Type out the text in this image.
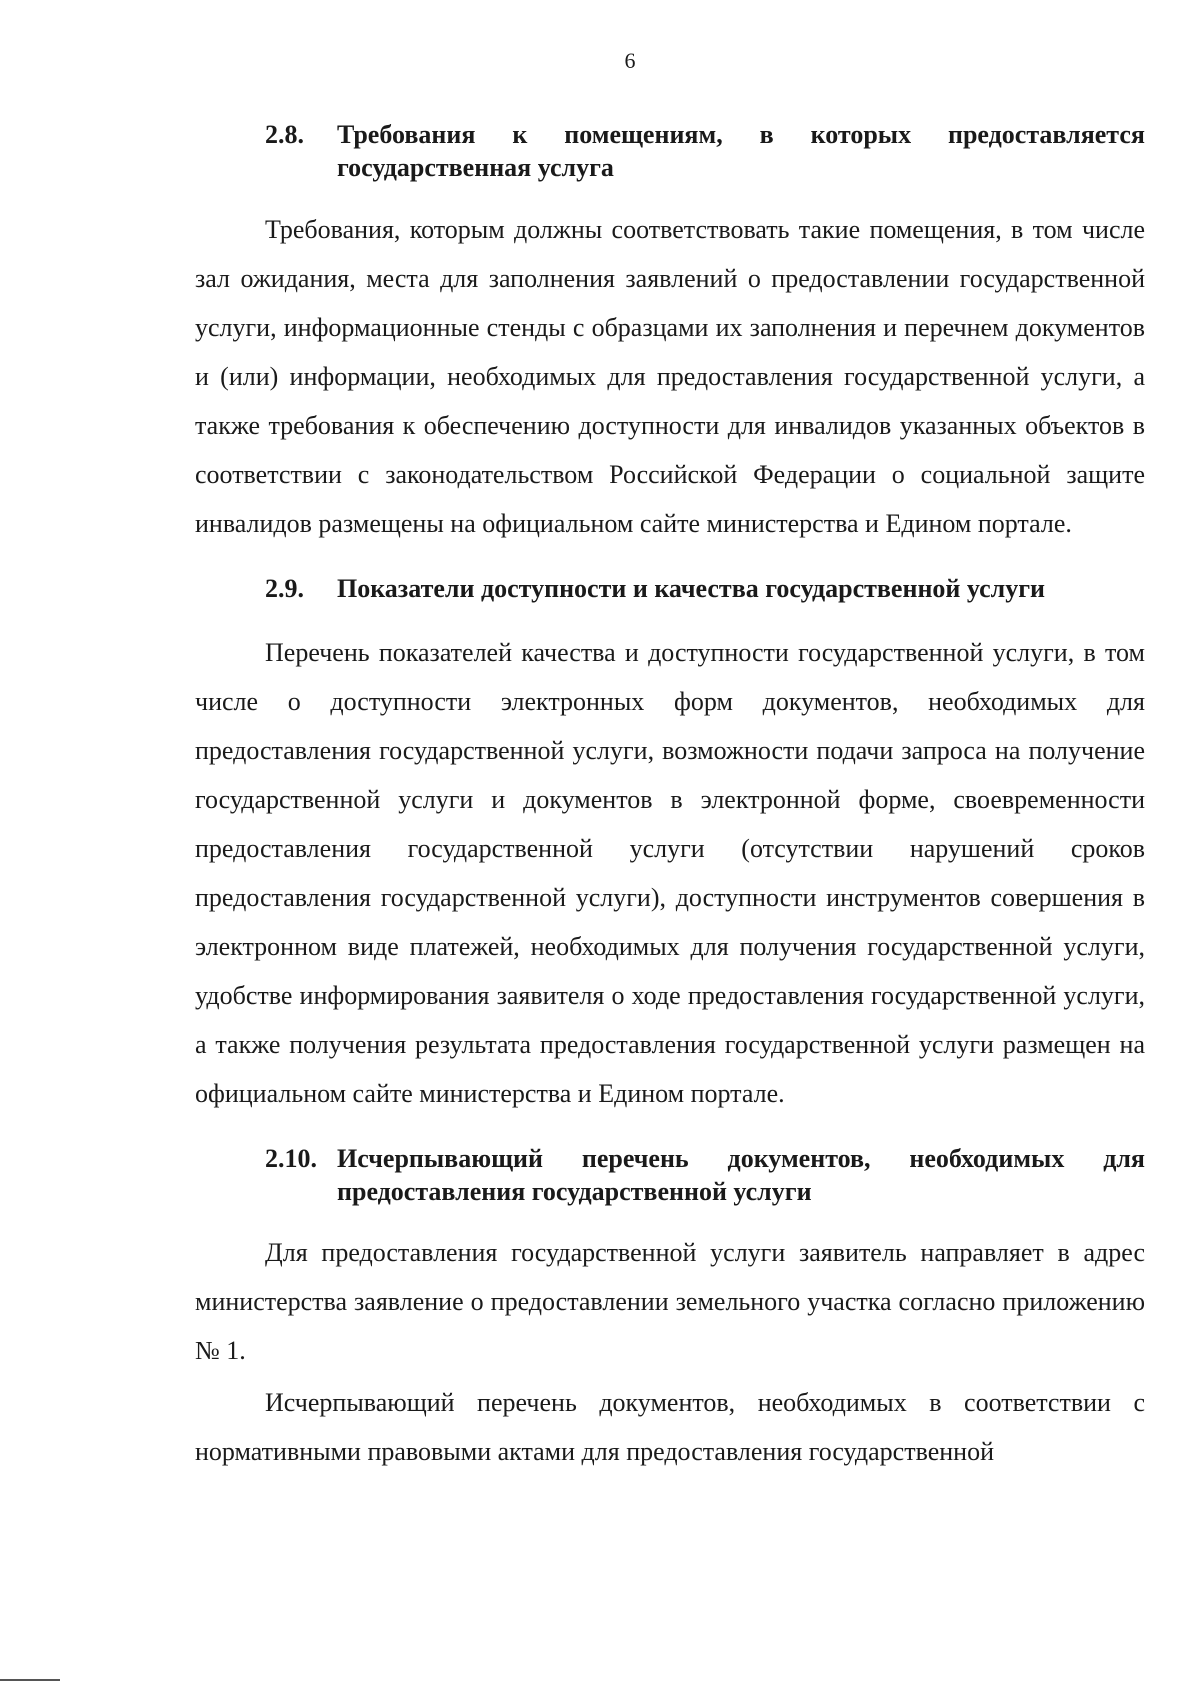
6
2.8.	Требования к помещениям, в которых предоставляется государственная услуга

Требования, которым должны соответствовать такие помещения, в том числе зал ожидания, места для заполнения заявлений о предоставлении государственной услуги, информационные стенды с образцами их заполнения и перечнем документов и (или) информации, необходимых для предоставления государственной услуги, а также требования к обеспечению доступности для инвалидов указанных объектов в соответствии с законодательством Российской Федерации о социальной защите инвалидов размещены на официальном сайте министерства и Едином портале.

2.9.	Показатели доступности и качества государственной услуги

Перечень показателей качества и доступности государственной услуги, в том числе о доступности электронных форм документов, необходимых для предоставления государственной услуги, возможности подачи запроса на получение государственной услуги и документов в электронной форме, своевременности предоставления государственной услуги (отсутствии нарушений сроков предоставления государственной услуги), доступности инструментов совершения в электронном виде платежей, необходимых для получения государственной услуги, удобстве информирования заявителя о ходе предоставления государственной услуги, а также получения результата предоставления государственной услуги размещен на официальном сайте министерства и Едином портале.

2.10. Исчерпывающий перечень документов, необходимых для предоставления государственной услуги

Для предоставления государственной услуги заявитель направляет в адрес министерства заявление о предоставлении земельного участка согласно приложению № 1.

Исчерпывающий перечень документов, необходимых в соответствии с нормативными правовыми актами для предоставления государственной
